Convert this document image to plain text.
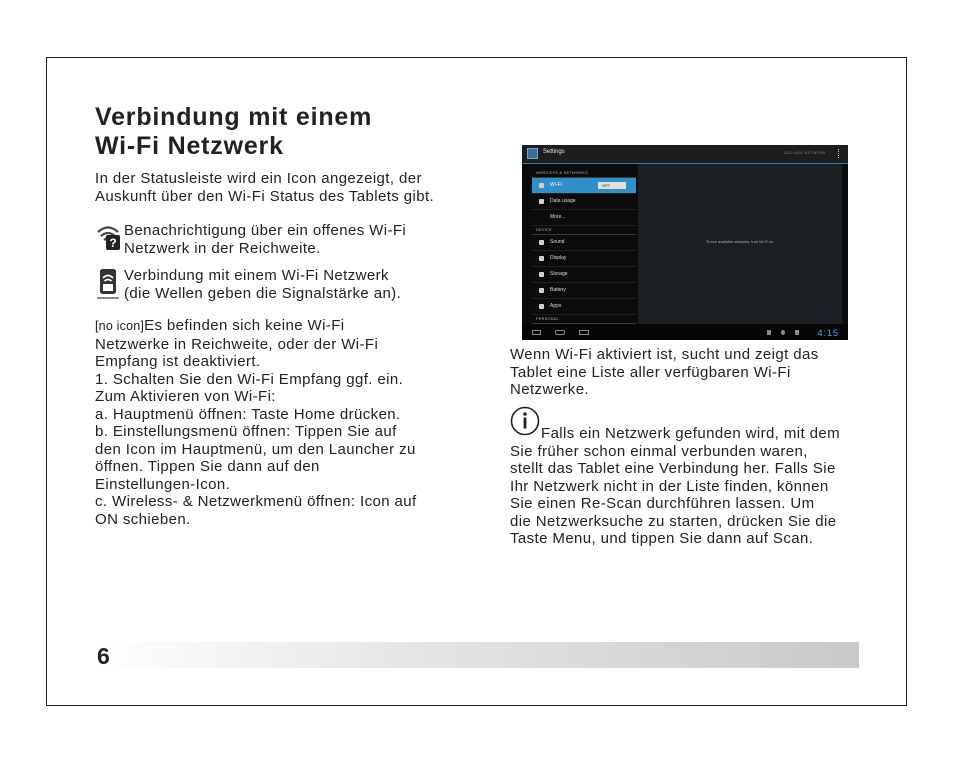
Verbindung mit einem
Wi-Fi Netzwerk

In der Statusleiste wird ein Icon angezeigt, der
Auskunft über den Wi-Fi Status des Tablets gibt.

?

Benachrichtigung über ein offenes Wi-Fi
Netzwerk in der Reichweite.

Verbindung mit einem Wi-Fi Netzwerk
(die Wellen geben die Signalstärke an).

[no icon]Es befinden sich keine Wi-Fi
Netzwerke in Reichweite, oder der Wi-Fi
Empfang ist deaktiviert.
1. Schalten Sie den Wi-Fi Empfang ggf. ein.
Zum Aktivieren von Wi-Fi:
a. Hauptmenü öffnen: Taste Home drücken.
b. Einstellungsmenü öffnen: Tippen Sie auf
den Icon im Hauptmenü, um den Launcher zu
öffnen. Tippen Sie dann auf den
Einstellungen-Icon.
c. Wireless- & Netzwerkmenü öffnen: Icon auf
ON schieben.
Settings	ADD ADD NETWORK
WIRELESS & NETWORKS
Wi-Fi	OFF
Data usage
More...
DEVICE
Sound
Display
Storage
Battery
Apps
PERSONAL
To see available networks, turn Wi-Fi on.
4:15

Wenn Wi-Fi aktiviert ist, sucht und zeigt das
Tablet eine Liste aller verfügbaren Wi-Fi
Netzwerke.

Falls ein Netzwerk gefunden wird, mit dem
Sie früher schon einmal verbunden waren,
stellt das Tablet eine Verbindung her. Falls Sie
Ihr Netzwerk nicht in der Liste finden, können
Sie einen Re-Scan durchführen lassen. Um
die Netzwerksuche zu starten, drücken Sie die
Taste Menu, und tippen Sie dann auf Scan.

6
